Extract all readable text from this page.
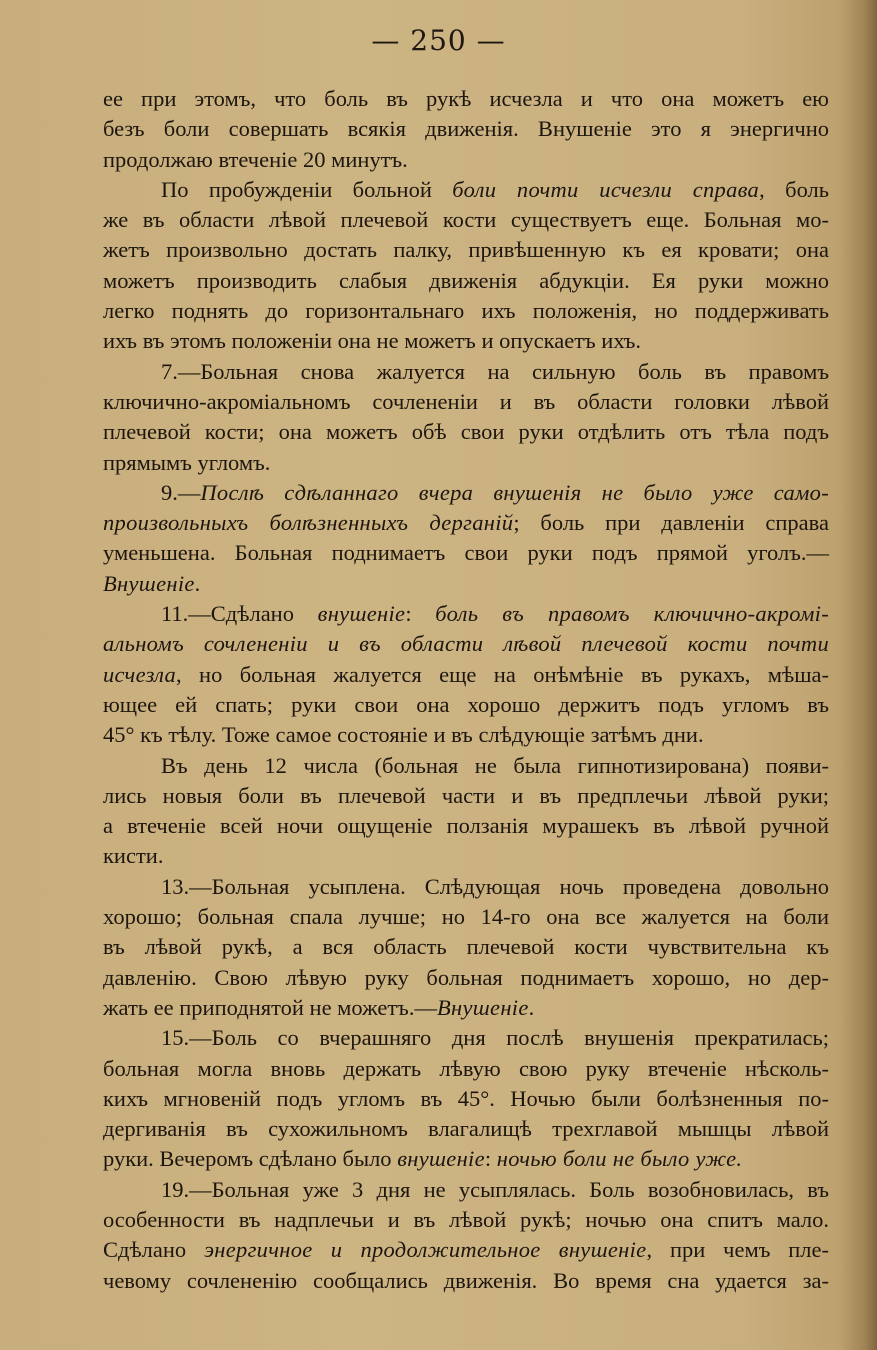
— 250 —

ее при этомъ, что боль въ рукѣ исчезла и что она можетъ ею

безъ боли совершать всякія движенія. Внушеніе это я энергично

продолжаю втеченіе 20 минутъ.

По пробужденіи больной боли почти исчезли справа, боль

же въ области лѣвой плечевой кости существуетъ еще. Больная мо-

жетъ произвольно достать палку, привѣшенную къ ея кровати; она

можетъ производить слабыя движенія абдукціи. Ея руки можно

легко поднять до горизонтальнаго ихъ положенія, но поддерживать

ихъ въ этомъ положеніи она не можетъ и опускаетъ ихъ.

7.—Больная снова жалуется на сильную боль въ правомъ

ключично-акроміальномъ сочлененіи и въ области головки лѣвой

плечевой кости; она можетъ обѣ свои руки отдѣлить отъ тѣла подъ

прямымъ угломъ.

9.—Послѣ сдѣланнаго вчера внушенія не было уже само-

произвольныхъ болѣзненныхъ дерганій; боль при давленіи справа

уменьшена. Больная поднимаетъ свои руки подъ прямой уголъ.—

Внушеніе.

11.—Сдѣлано внушеніе: боль въ правомъ ключично-акромі-

альномъ сочлененіи и въ области лѣвой плечевой кости почти

исчезла, но больная жалуется еще на онѣмѣніе въ рукахъ, мѣша-

ющее ей спать; руки свои она хорошо держитъ подъ угломъ въ

45° къ тѣлу. Тоже самое состояніе и въ слѣдующіе затѣмъ дни.

Въ день 12 числа (больная не была гипнотизирована) появи-

лись новыя боли въ плечевой части и въ предплечьи лѣвой руки;

а втеченіе всей ночи ощущеніе ползанія мурашекъ въ лѣвой ручной

кисти.

13.—Больная усыплена. Слѣдующая ночь проведена довольно

хорошо; больная спала лучше; но 14-го она все жалуется на боли

въ лѣвой рукѣ, а вся область плечевой кости чувствительна къ

давленію. Свою лѣвую руку больная поднимаетъ хорошо, но дер-

жать ее приподнятой не можетъ.—Внушеніе.

15.—Боль со вчерашняго дня послѣ внушенія прекратилась;

больная могла вновь держать лѣвую свою руку втеченіе нѣсколь-

кихъ мгновеній подъ угломъ въ 45°. Ночью были болѣзненныя по-

дергиванія въ сухожильномъ влагалищѣ трехглавой мышцы лѣвой

руки. Вечеромъ сдѣлано было внушеніе: ночью боли не было уже.

19.—Больная уже 3 дня не усыплялась. Боль возобновилась, въ

особенности въ надплечьи и въ лѣвой рукѣ; ночью она спитъ мало.

Сдѣлано энергичное и продолжительное внушеніе, при чемъ пле-

чевому сочлененію сообщались движенія. Во время сна удается за-
